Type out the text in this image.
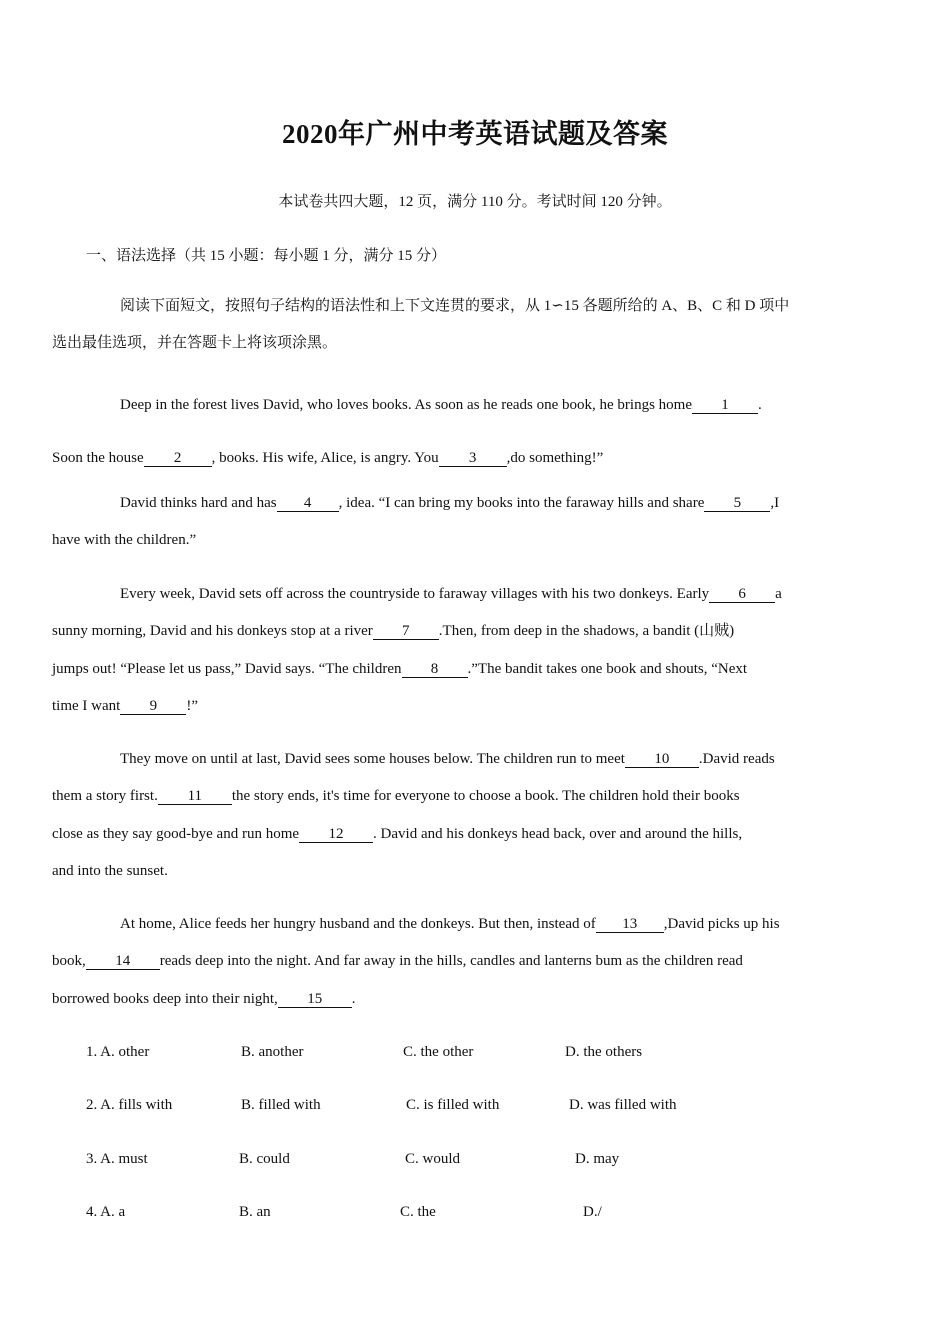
2020年广州中考英语试题及答案
本试卷共四大题，12 页，满分 110 分。考试时间 120 分钟。
一、语法选择（共 15 小题：每小题 1 分，满分 15 分）
阅读下面短文，按照句子结构的语法性和上下文连贯的要求，从 1∽15 各题所给的 A、B、C 和 D 项中
选出最佳选项，并在答题卡上将该项涂黑。
Deep in the forest lives David, who loves books. As soon as he reads one book, he brings home 1 .
Soon the house 2 , books. His wife, Alice, is angry. You 3 ,do something!”
David thinks hard and has 4 , idea. “I can bring my books into the faraway hills and share 5 ,I
have with the children.”
Every week, David sets off across the countryside to faraway villages with his two donkeys. Early 6 a
sunny morning, David and his donkeys stop at a river 7 .Then, from deep in the shadows, a bandit (山贼)
jumps out! “Please let us pass,” David says. “The children 8 .”The bandit takes one book and shouts, “Next
time I want 9 !”
They move on until at last, David sees some houses below. The children run to meet 10 .David reads
them a story first. 11 the story ends, it's time for everyone to choose a book. The children hold their books
close as they say good-bye and run home 12 . David and his donkeys head back, over and around the hills,
and into the sunset.
At home, Alice feeds her hungry husband and the donkeys. But then, instead of 13 ,David picks up his
book, 14 reads deep into the night. And far away in the hills, candles and lanterns bum as the children read
borrowed books deep into their night, 15 .
1. A. other	B. another	C. the other	D. the others
2. A. fills with	B. filled with	C. is filled with	D. was filled with
3. A. must	B. could	C. would	D. may
4. A. a	B. an	C. the	D./
